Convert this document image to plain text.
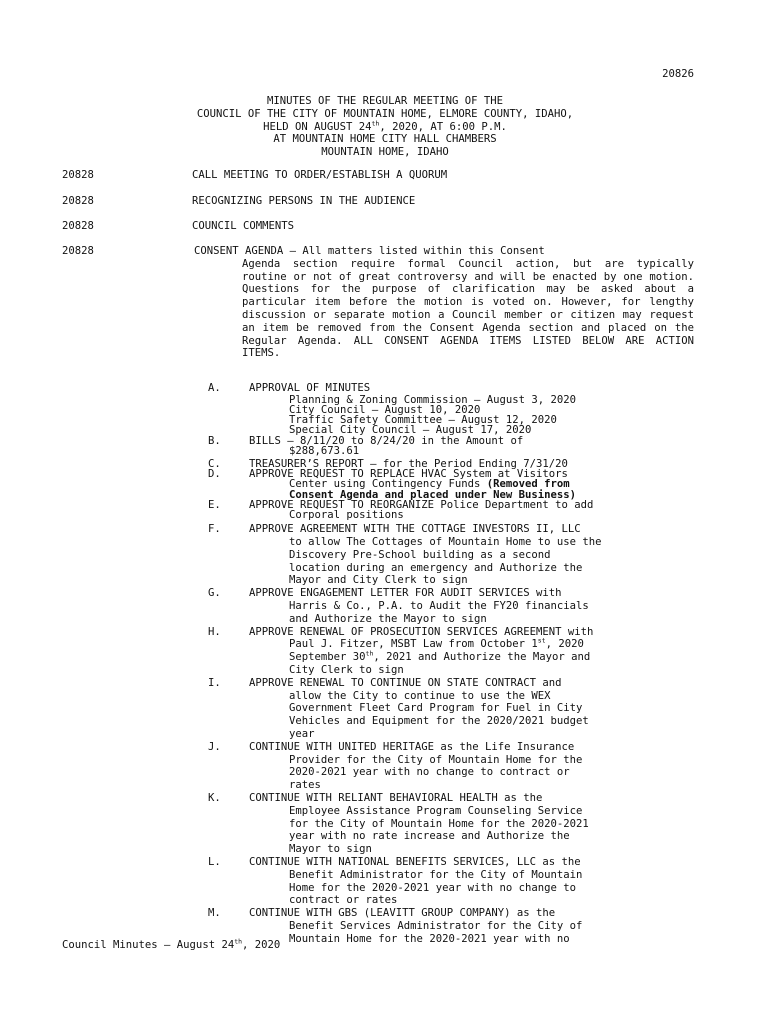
20826
MINUTES OF THE REGULAR MEETING OF THE
COUNCIL OF THE CITY OF MOUNTAIN HOME, ELMORE COUNTY, IDAHO,
HELD ON AUGUST 24th, 2020, AT 6:00 P.M.
AT MOUNTAIN HOME CITY HALL CHAMBERS
MOUNTAIN HOME, IDAHO
20828	CALL MEETING TO ORDER/ESTABLISH A QUORUM
20828	RECOGNIZING PERSONS IN THE AUDIENCE
20828	COUNCIL COMMENTS
20828	CONSENT AGENDA – All matters listed within this Consent
Agenda section require formal Council action, but are typically routine or not of great controversy and will be enacted by one motion. Questions for the purpose of clarification may be asked about a particular item before the motion is voted on. However, for lengthy discussion or separate motion a Council member or citizen may request an item be removed from the Consent Agenda section and placed on the Regular Agenda. ALL CONSENT AGENDA ITEMS LISTED BELOW ARE ACTION ITEMS.
A.	APPROVAL OF MINUTES
Planning & Zoning Commission – August 3, 2020
City Council – August 10, 2020
Traffic Safety Committee – August 12, 2020
Special City Council – August 17, 2020
B.	BILLS – 8/11/20 to 8/24/20 in the Amount of
$288,673.61
C.	TREASURER’S REPORT – for the Period Ending 7/31/20
D.	APPROVE REQUEST TO REPLACE HVAC System at Visitors
Center using Contingency Funds (Removed from
Consent Agenda and placed under New Business)
E.	APPROVE REQUEST TO REORGANIZE Police Department to add
Corporal positions
F.	APPROVE AGREEMENT WITH THE COTTAGE INVESTORS II, LLC
to allow The Cottages of Mountain Home to use the
Discovery Pre-School building as a second
location during an emergency and Authorize the
Mayor and City Clerk to sign
G.	APPROVE ENGAGEMENT LETTER FOR AUDIT SERVICES with
Harris & Co., P.A. to Audit the FY20 financials
and Authorize the Mayor to sign
H.	APPROVE RENEWAL OF PROSECUTION SERVICES AGREEMENT with
Paul J. Fitzer, MSBT Law from October 1st, 2020
September 30th, 2021 and Authorize the Mayor and
City Clerk to sign
I.	APPROVE RENEWAL TO CONTINUE ON STATE CONTRACT and
allow the City to continue to use the WEX
Government Fleet Card Program for Fuel in City
Vehicles and Equipment for the 2020/2021 budget
year
J.	CONTINUE WITH UNITED HERITAGE as the Life Insurance
Provider for the City of Mountain Home for the
2020-2021 year with no change to contract or
rates
K.	CONTINUE WITH RELIANT BEHAVIORAL HEALTH as the
Employee Assistance Program Counseling Service
for the City of Mountain Home for the 2020-2021
year with no rate increase and Authorize the
Mayor to sign
L.	CONTINUE WITH NATIONAL BENEFITS SERVICES, LLC as the
Benefit Administrator for the City of Mountain
Home for the 2020-2021 year with no change to
contract or rates
M.	CONTINUE WITH GBS (LEAVITT GROUP COMPANY) as the
Benefit Services Administrator for the City of
Mountain Home for the 2020-2021 year with no
Council Minutes – August 24th, 2020
